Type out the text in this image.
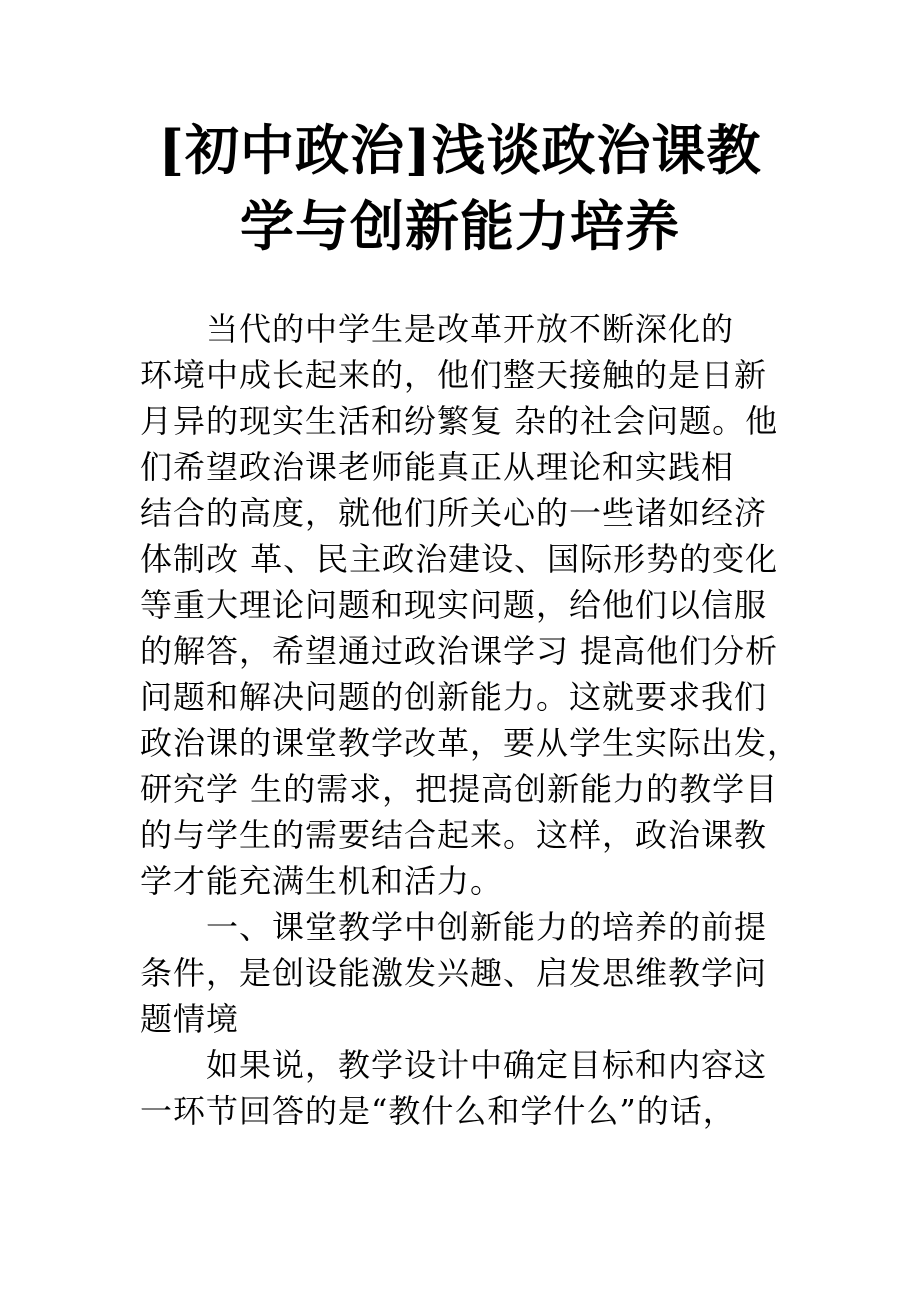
[初中政治]浅谈政治课教
学与创新能力培养

当代的中学生是改革开放不断深化的
环境中成长起来的，他们整天接触的是日新
月异的现实生活和纷繁复 杂的社会问题。他
们希望政治课老师能真正从理论和实践相
结合的高度，就他们所关心的一些诸如经济
体制改 革、民主政治建设、国际形势的变化
等重大理论问题和现实问题，给他们以信服
的解答，希望通过政治课学习 提高他们分析
问题和解决问题的创新能力。这就要求我们
政治课的课堂教学改革，要从学生实际出发，
研究学 生的需求，把提高创新能力的教学目
的与学生的需要结合起来。这样，政治课教
学才能充满生机和活力。

一、课堂教学中创新能力的培养的前提
条件，是创设能激发兴趣、启发思维教学问
题情境

如果说，教学设计中确定目标和内容这
一环节回答的是“教什么和学什么”的话，
